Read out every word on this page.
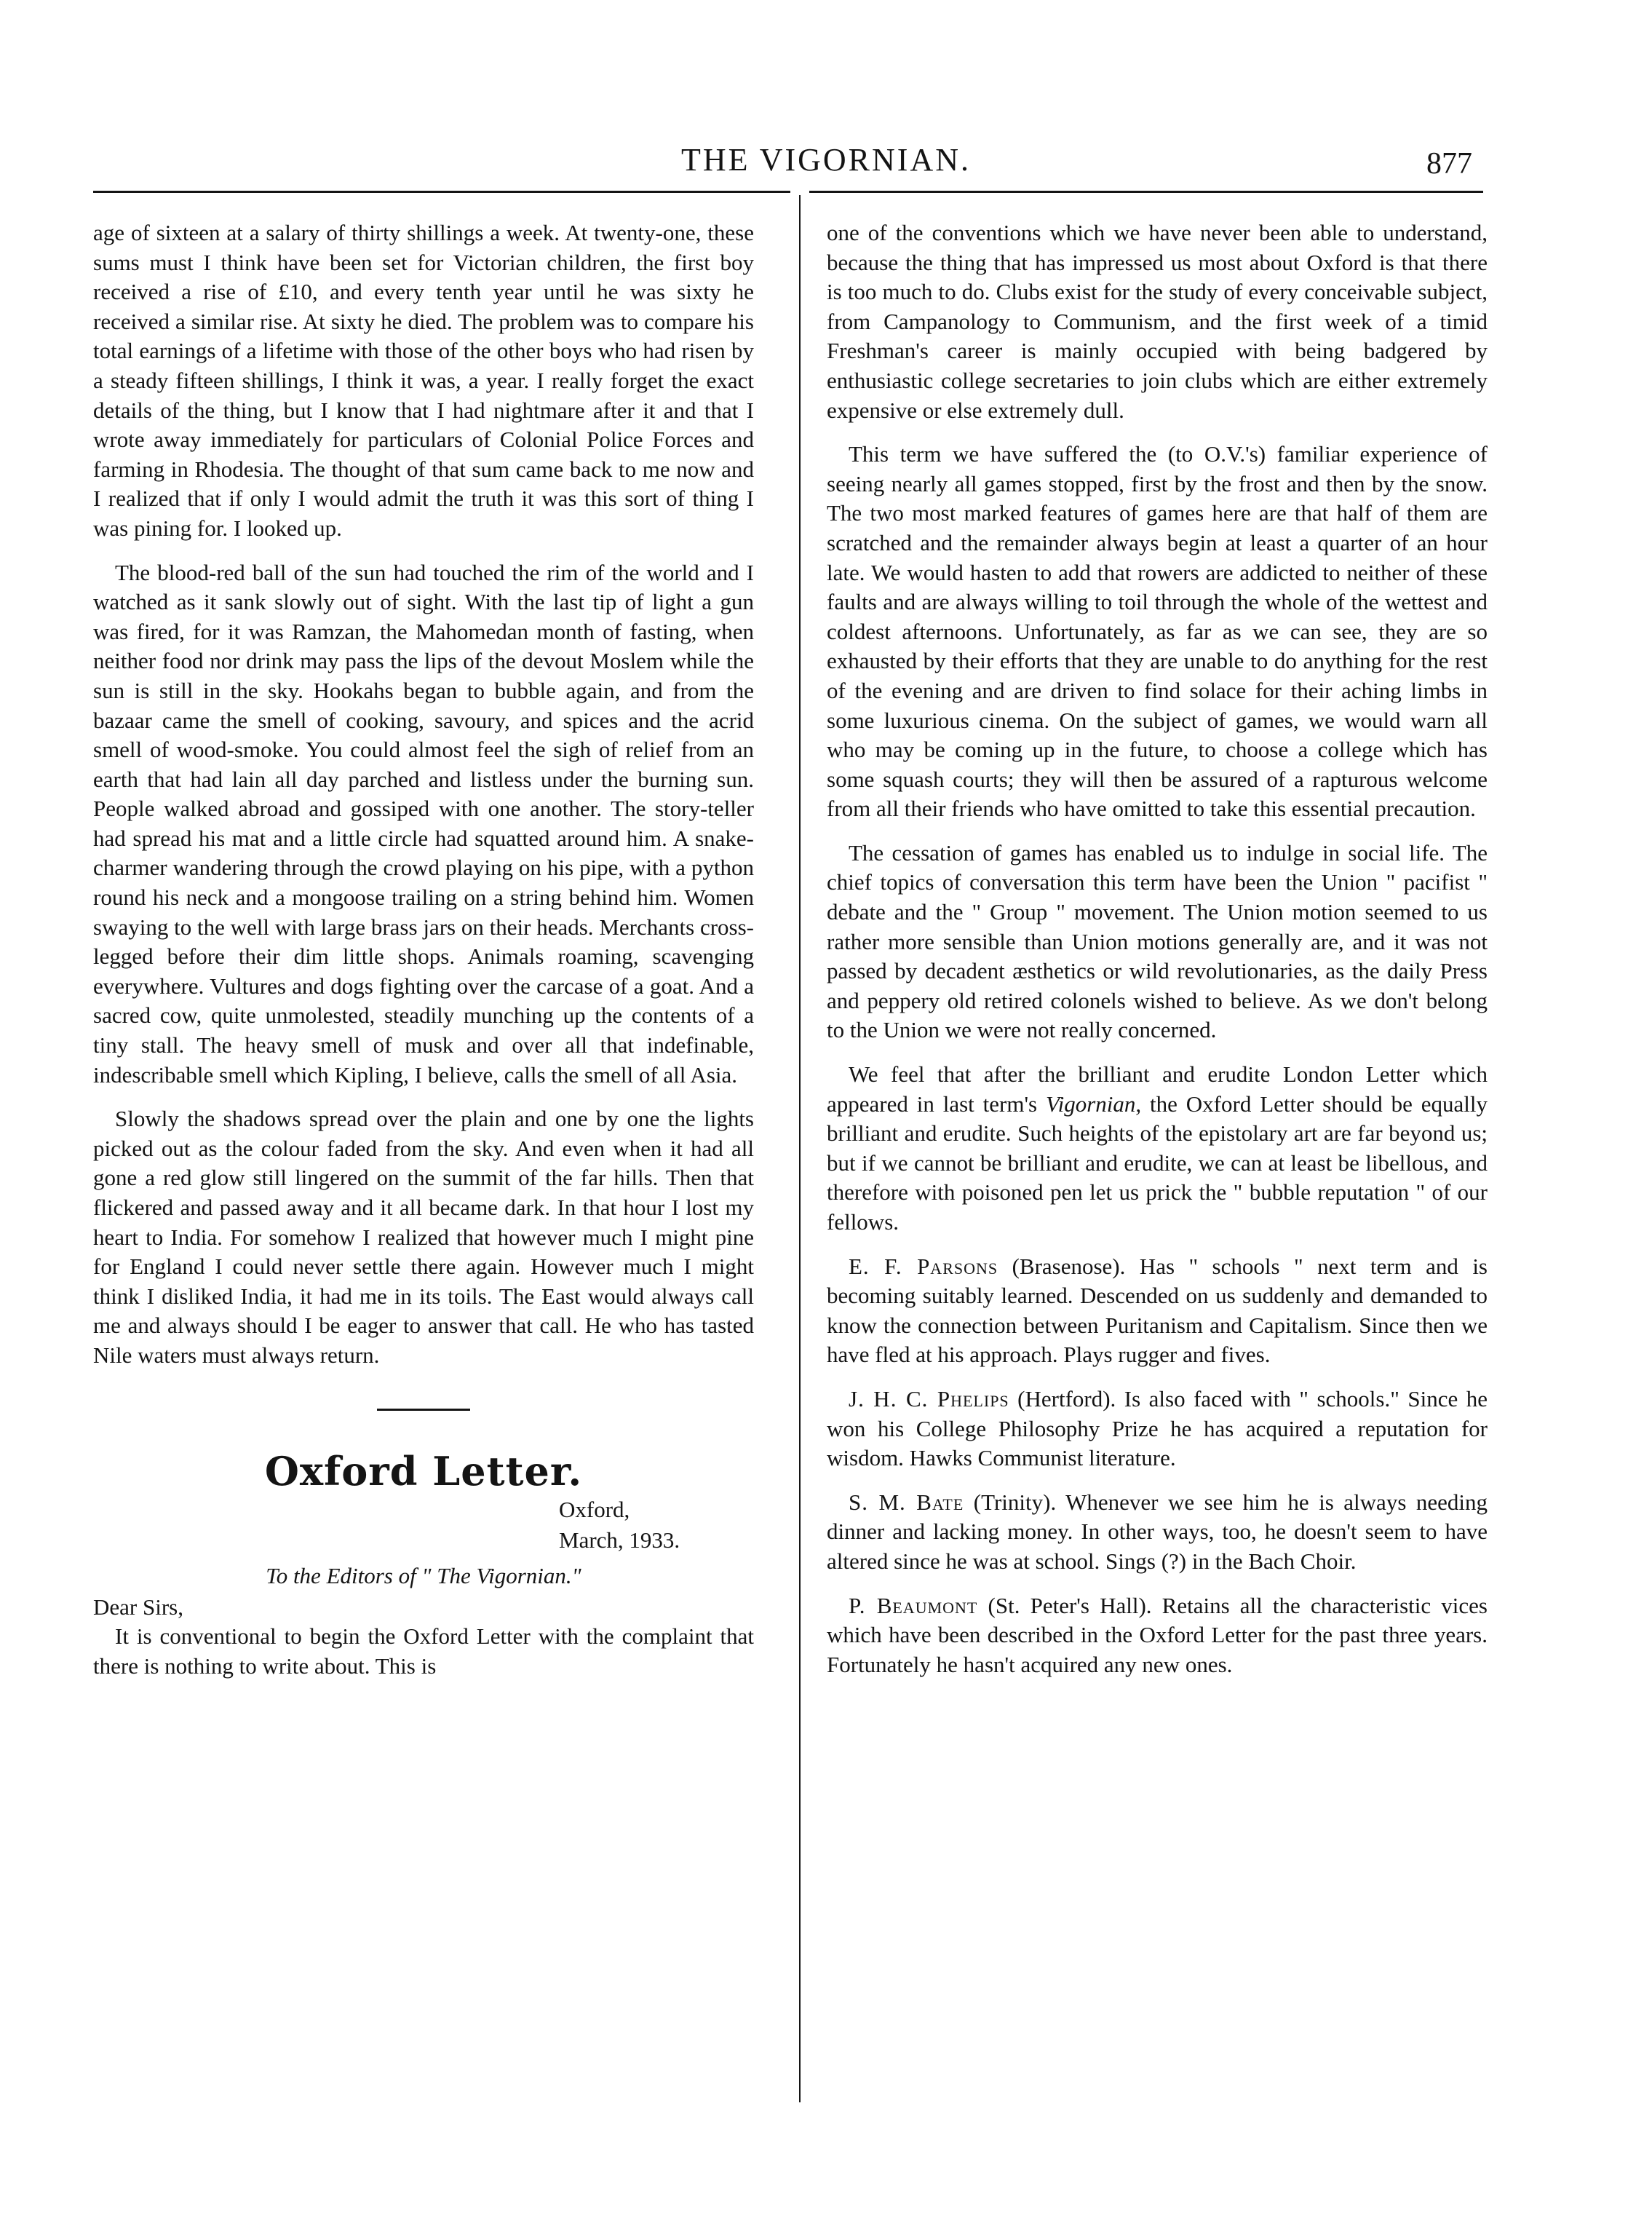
THE VIGORNIAN.	877

age of sixteen at a salary of thirty shillings a week. At twenty-one, these sums must I think have been set for Victorian children, the first boy received a rise of £10, and every tenth year until he was sixty he received a similar rise. At sixty he died. The problem was to compare his total earnings of a lifetime with those of the other boys who had risen by a steady fifteen shillings, I think it was, a year. I really forget the exact details of the thing, but I know that I had nightmare after it and that I wrote away immediately for particulars of Colonial Police Forces and farming in Rhodesia. The thought of that sum came back to me now and I realized that if only I would admit the truth it was this sort of thing I was pining for. I looked up.

The blood-red ball of the sun had touched the rim of the world and I watched as it sank slowly out of sight. With the last tip of light a gun was fired, for it was Ramzan, the Mahomedan month of fasting, when neither food nor drink may pass the lips of the devout Moslem while the sun is still in the sky. Hookahs began to bubble again, and from the bazaar came the smell of cooking, savoury, and spices and the acrid smell of wood-smoke. You could almost feel the sigh of relief from an earth that had lain all day parched and listless under the burning sun. People walked abroad and gossiped with one another. The story-teller had spread his mat and a little circle had squatted around him. A snake-charmer wandering through the crowd playing on his pipe, with a python round his neck and a mongoose trailing on a string behind him. Women swaying to the well with large brass jars on their heads. Merchants cross-legged before their dim little shops. Animals roaming, scavenging everywhere. Vultures and dogs fighting over the carcase of a goat. And a sacred cow, quite unmolested, steadily munching up the contents of a tiny stall. The heavy smell of musk and over all that indefinable, indescribable smell which Kipling, I believe, calls the smell of all Asia.

Slowly the shadows spread over the plain and one by one the lights picked out as the colour faded from the sky. And even when it had all gone a red glow still lingered on the summit of the far hills. Then that flickered and passed away and it all became dark. In that hour I lost my heart to India. For somehow I realized that however much I might pine for England I could never settle there again. However much I might think I disliked India, it had me in its toils. The East would always call me and always should I be eager to answer that call. He who has tasted Nile waters must always return.

Oxford Letter.
Oxford,
March, 1933.
To the Editors of " The Vigornian."
Dear Sirs,

It is conventional to begin the Oxford Letter with the complaint that there is nothing to write about. This is

one of the conventions which we have never been able to understand, because the thing that has impressed us most about Oxford is that there is too much to do. Clubs exist for the study of every conceivable subject, from Campanology to Communism, and the first week of a timid Freshman's career is mainly occupied with being badgered by enthusiastic college secretaries to join clubs which are either extremely expensive or else extremely dull.

This term we have suffered the (to O.V.'s) familiar experience of seeing nearly all games stopped, first by the frost and then by the snow. The two most marked features of games here are that half of them are scratched and the remainder always begin at least a quarter of an hour late. We would hasten to add that rowers are addicted to neither of these faults and are always willing to toil through the whole of the wettest and coldest afternoons. Unfortunately, as far as we can see, they are so exhausted by their efforts that they are unable to do anything for the rest of the evening and are driven to find solace for their aching limbs in some luxurious cinema. On the subject of games, we would warn all who may be coming up in the future, to choose a college which has some squash courts; they will then be assured of a rapturous welcome from all their friends who have omitted to take this essential precaution.

The cessation of games has enabled us to indulge in social life. The chief topics of conversation this term have been the Union " pacifist " debate and the " Group " movement. The Union motion seemed to us rather more sensible than Union motions generally are, and it was not passed by decadent æsthetics or wild revolutionaries, as the daily Press and peppery old retired colonels wished to believe. As we don't belong to the Union we were not really concerned.

We feel that after the brilliant and erudite London Letter which appeared in last term's Vigornian, the Oxford Letter should be equally brilliant and erudite. Such heights of the epistolary art are far beyond us; but if we cannot be brilliant and erudite, we can at least be libellous, and therefore with poisoned pen let us prick the " bubble reputation " of our fellows.

E. F. Parsons (Brasenose). Has " schools " next term and is becoming suitably learned. Descended on us suddenly and demanded to know the connection between Puritanism and Capitalism. Since then we have fled at his approach. Plays rugger and fives.

J. H. C. Phelips (Hertford). Is also faced with " schools." Since he won his College Philosophy Prize he has acquired a reputation for wisdom. Hawks Communist literature.

S. M. Bate (Trinity). Whenever we see him he is always needing dinner and lacking money. In other ways, too, he doesn't seem to have altered since he was at school. Sings (?) in the Bach Choir.

P. Beaumont (St. Peter's Hall). Retains all the characteristic vices which have been described in the Oxford Letter for the past three years. Fortunately he hasn't acquired any new ones.
